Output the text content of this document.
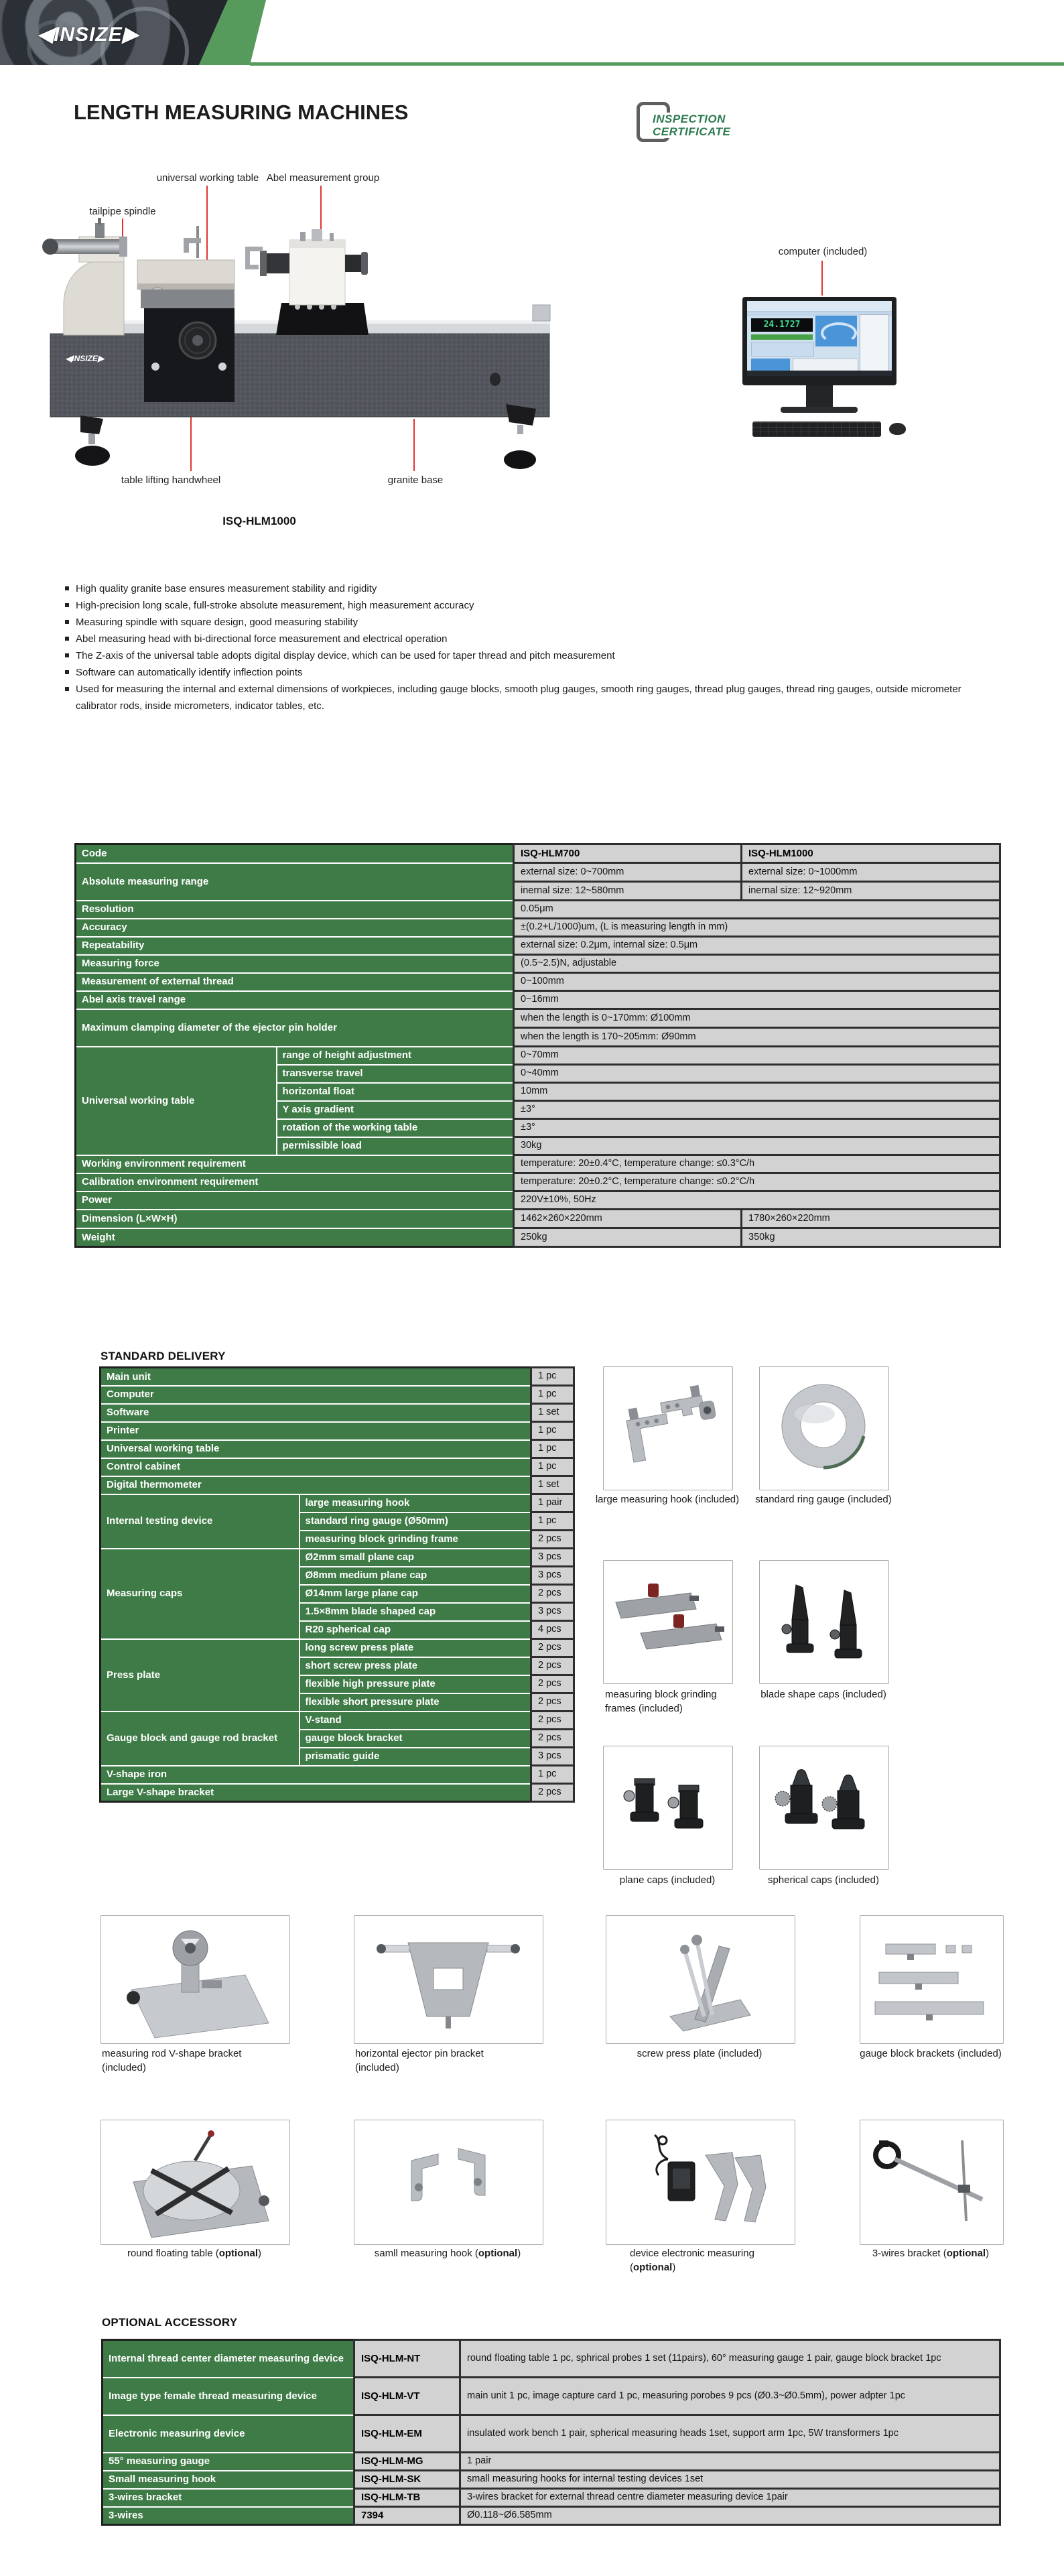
◀INSIZE▶
INSPECTION
CERTIFICATE
LENGTH MEASURING MACHINES
universal working table Abel measurement group
tailpipe spindle
computer (included)
table lifting handwheel	granite base
ISQ-HLM1000
◀INSIZE▶
24.1727
High quality granite base ensures measurement stability and rigidity
High-precision long scale, full-stroke absolute measurement, high measurement accuracy
Measuring spindle with square design, good measuring stability
Abel measuring head with bi-directional force measurement and electrical operation
The Z-axis of the universal table adopts digital display device, which can be used for taper thread and pitch measurement
Software can automatically identify inflection points
Used for measuring the internal and external dimensions of workpieces, including gauge blocks, smooth plug gauges, smooth ring gauges, thread plug gauges, thread ring gauges, outside micrometer calibrator rods, inside micrometers, indicator tables, etc.
Code		ISQ-HLM700	ISQ-HLM1000
Absolute measuring range		external size: 0~700mm	external size: 0~1000mm
		inernal size: 12~580mm	inernal size: 12~920mm
Resolution		0.05μm	
Accuracy		±(0.2+L/1000)um, (L is measuring length in mm)	
Repeatability		external size: 0.2μm, internal size: 0.5μm	
Measuring force		(0.5~2.5)N, adjustable	
Measurement of external thread		0~100mm	
Abel axis travel range		0~16mm	
Maximum clamping diameter of the ejector pin holder		when the length is 0~170mm: Ø100mm	
		when the length is 170~205mm: Ø90mm	
Universal working table	range of height adjustment	0~70mm	
	transverse travel	0~40mm	
	horizontal float	10mm	
	Y axis gradient	±3°	
	rotation of the working table	±3°	
	permissible load	30kg	
Working environment requirement		temperature: 20±0.4°C, temperature change: ≤0.3°C/h	
Calibration environment requirement		temperature: 20±0.2°C, temperature change: ≤0.2°C/h	
Power		220V±10%, 50Hz	
Dimension (L×W×H)		1462×260×220mm	1780×260×220mm
Weight		250kg	350kg
STANDARD DELIVERY
Main unit		1 pc
Computer		1 pc
Software		1 set
Printer		1 pc
Universal working table		1 pc
Control cabinet		1 pc
Digital thermometer		1 set
Internal testing device	large measuring hook	1 pair
	standard ring gauge (Ø50mm)	1 pc
	measuring block grinding frame	2 pcs
Measuring caps	Ø2mm small plane cap	3 pcs
	Ø8mm medium plane cap	3 pcs
	Ø14mm large plane cap	2 pcs
	1.5×8mm blade shaped cap	3 pcs
	R20 spherical cap	4 pcs
Press plate	long screw press plate	2 pcs
	short screw press plate	2 pcs
	flexible high pressure plate	2 pcs
	flexible short pressure plate	2 pcs
Gauge block and gauge rod bracket	V-stand	2 pcs
	gauge block bracket	2 pcs
	prismatic guide	3 pcs
V-shape iron		1 pc
Large V-shape bracket		2 pcs
large measuring hook (included) standard ring gauge (included)
measuring block grinding frames (included)
blade shape caps (included)
plane caps (included)	spherical caps (included)
measuring rod V-shape bracket (included)
horizontal ejector pin bracket (included)
screw press plate (included)	gauge block brackets (included)
round floating table (optional)	samll measuring hook (optional)	device electronic measuring (optional)
3-wires bracket (optional)
OPTIONAL ACCESSORY
Internal thread center diameter measuring device	ISQ-HLM-NT	round floating table 1 pc, sphrical probes 1 set (11pairs), 60° measuring gauge 1 pair, gauge block bracket 1pc
Image type female thread measuring device	ISQ-HLM-VT	main unit 1 pc, image capture card 1 pc, measuring porobes 9 pcs (Ø0.3~Ø0.5mm), power adpter 1pc
Electronic measuring device	ISQ-HLM-EM	insulated work bench 1 pair, spherical measuring heads 1set, support arm 1pc, 5W transformers 1pc
55° measuring gauge	ISQ-HLM-MG	1 pair
Small measuring hook	ISQ-HLM-SK	small measuring hooks for internal testing devices 1set
3-wires bracket	ISQ-HLM-TB	3-wires bracket for external thread centre diameter measuring device 1pair
3-wires	7394	Ø0.118~Ø6.585mm
